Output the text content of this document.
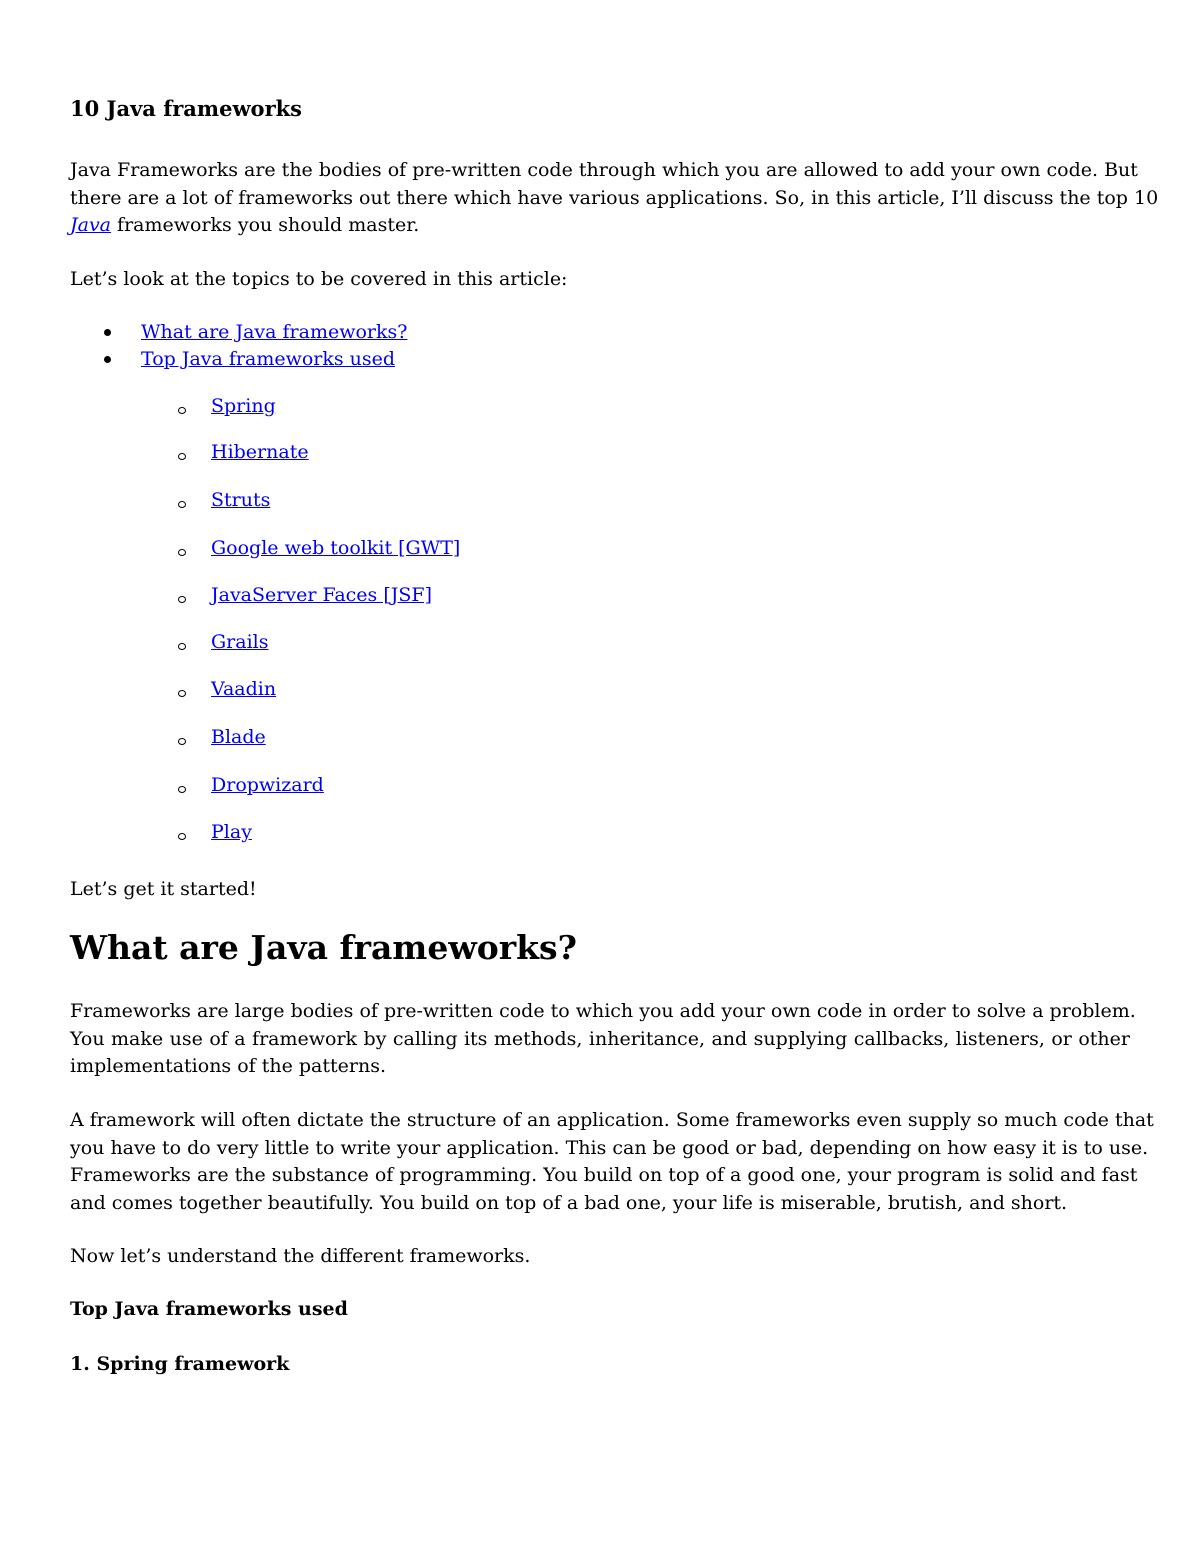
10 Java frameworks
Java Frameworks are the bodies of pre-written code through which you are allowed to add your own code. But
there are a lot of frameworks out there which have various applications. So, in this article, I’ll discuss the top 10
Java frameworks you should master.

Let’s look at the topics to be covered in this article:

What are Java frameworks?
Top Java frameworks used
Spring
Hibernate
Struts
Google web toolkit [GWT]
JavaServer Faces [JSF]
Grails
Vaadin
Blade
Dropwizard
Play

Let’s get it started!

What are Java frameworks?
Frameworks are large bodies of pre-written code to which you add your own code in order to solve a problem.
You make use of a framework by calling its methods, inheritance, and supplying callbacks, listeners, or other
implementations of the patterns.
A framework will often dictate the structure of an application. Some frameworks even supply so much code that
you have to do very little to write your application. This can be good or bad, depending on how easy it is to use.
Frameworks are the substance of programming. You build on top of a good one, your program is solid and fast
and comes together beautifully. You build on top of a bad one, your life is miserable, brutish, and short.

Now let’s understand the different frameworks.

Top Java frameworks used
1. Spring framework
